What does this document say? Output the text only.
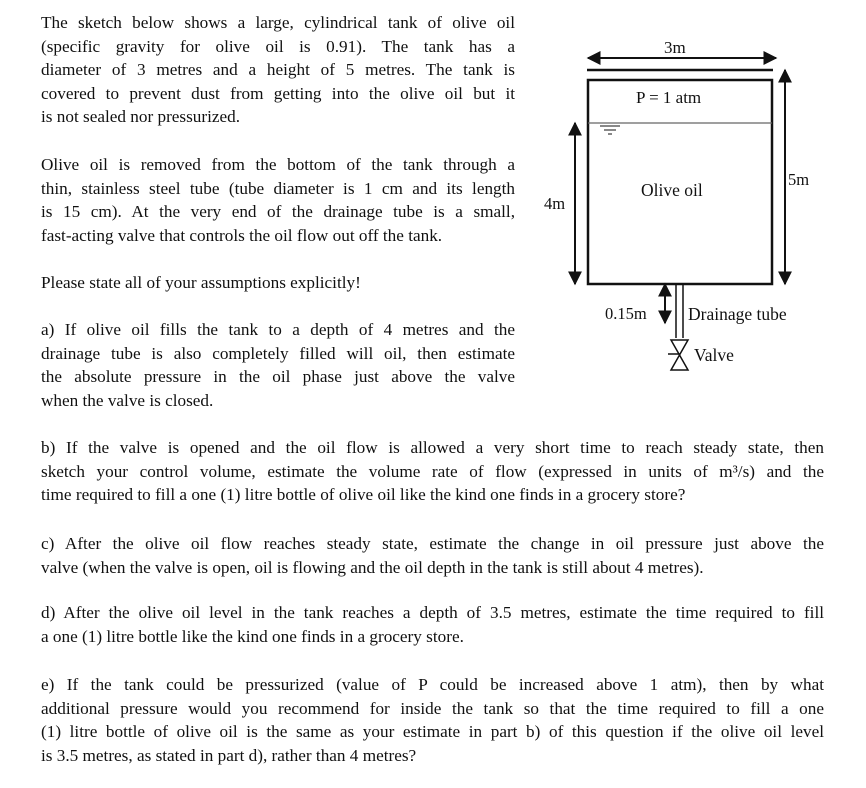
The sketch below shows a large, cylindrical tank of olive oil
(specific gravity for olive oil is 0.91). The tank has a
diameter of 3 metres and a height of 5 metres. The tank is
covered to prevent dust from getting into the olive oil but it
is not sealed nor pressurized.
Olive oil is removed from the bottom of the tank through a
thin, stainless steel tube (tube diameter is 1 cm and its length
is 15 cm). At the very end of the drainage tube is a small,
fast-acting valve that controls the oil flow out off the tank.
Please state all of your assumptions explicitly!
a) If olive oil fills the tank to a depth of 4 metres and the
drainage tube is also completely filled will oil, then estimate
the absolute pressure in the oil phase just above the valve
when the valve is closed.
b) If the valve is opened and the oil flow is allowed a very short time to reach steady state, then
sketch your control volume, estimate the volume rate of flow (expressed in units of m³/s) and the
time required to fill a one (1) litre bottle of olive oil like the kind one finds in a grocery store?
c) After the olive oil flow reaches steady state, estimate the change in oil pressure just above the
valve (when the valve is open, oil is flowing and the oil depth in the tank is still about 4 metres).
d) After the olive oil level in the tank reaches a depth of 3.5 metres, estimate the time required to fill
a one (1) litre bottle like the kind one finds in a grocery store.
e) If the tank could be pressurized (value of P could be increased above 1 atm), then by what
additional pressure would you recommend for inside the tank so that the time required to fill a one
(1) litre bottle of olive oil is the same as your estimate in part b) of this question if the olive oil level
is 3.5 metres, as stated in part d), rather than 4 metres?
3m
P = 1 atm
Olive oil
5m
4m
0.15m Drainage tube
Valve
